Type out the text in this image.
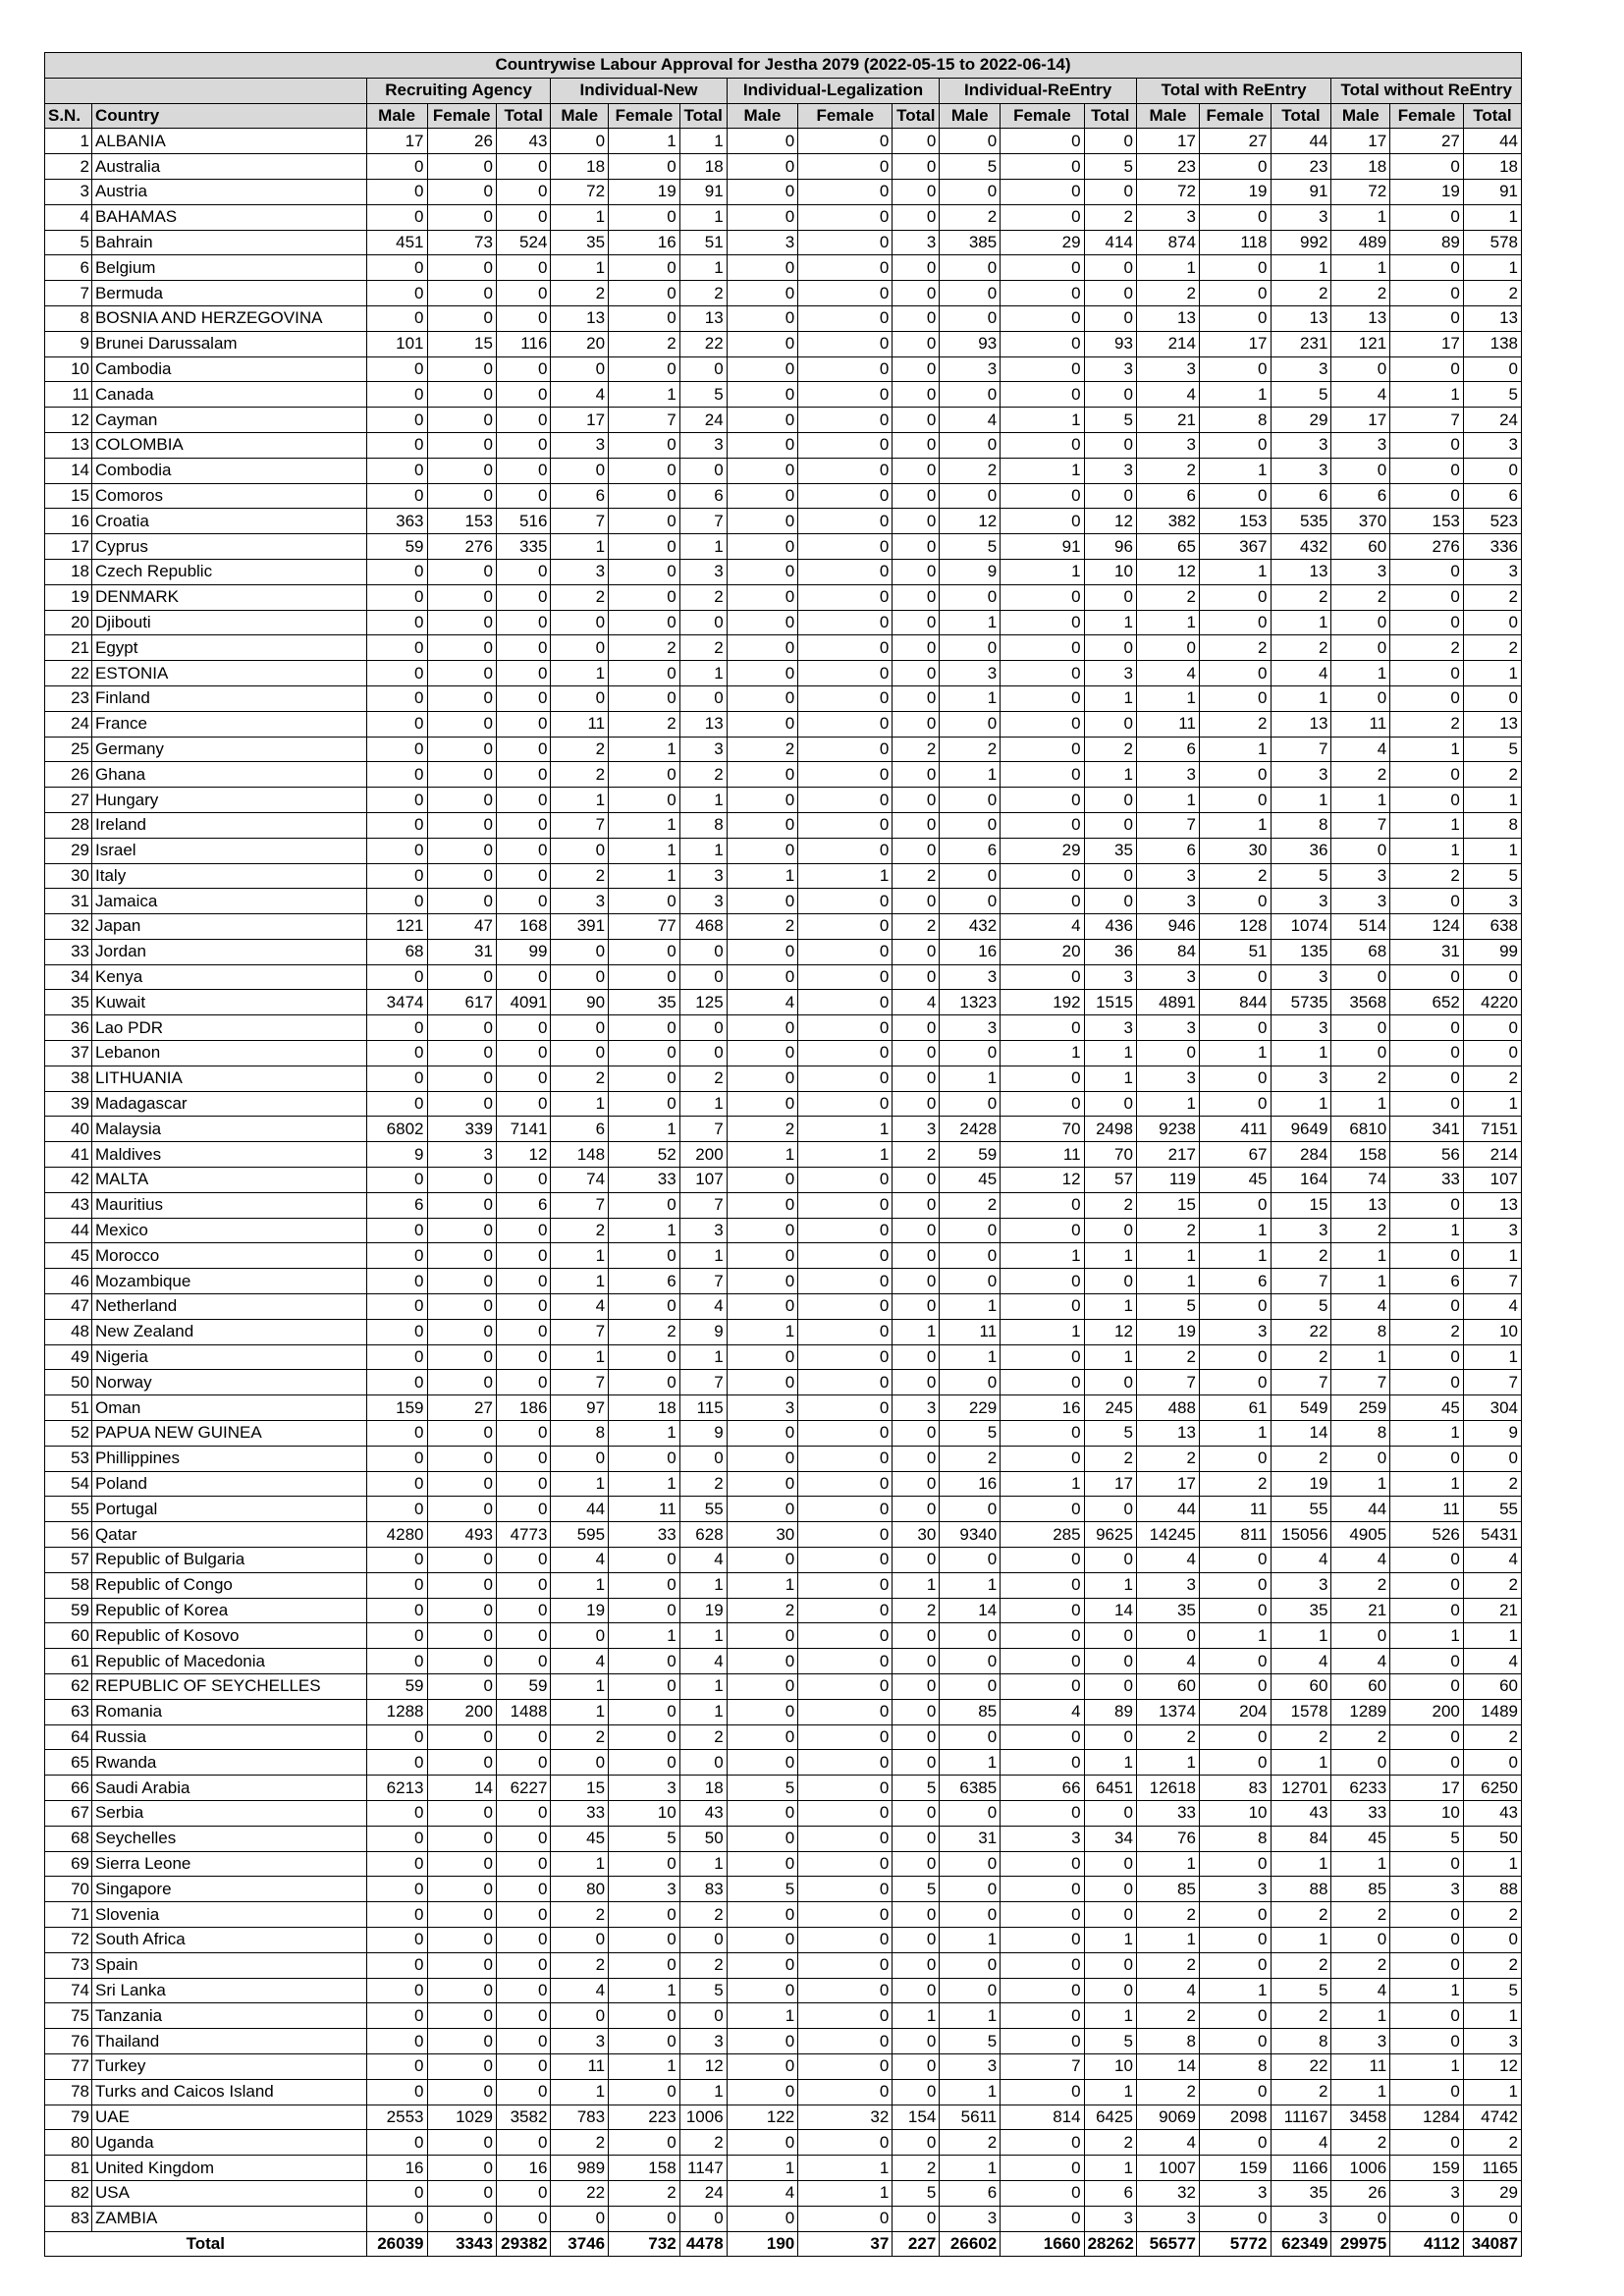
Countrywise Labour Approval for Jestha 2079 (2022-05-15 to 2022-06-14)																			
		Recruiting Agency			Individual-New			Individual-Legalization			Individual-ReEntry			Total with ReEntry			Total without ReEntry		
S.N.	Country	Male	Female	Total	Male	Female	Total	Male	Female	Total	Male	Female	Total	Male	Female	Total	Male	Female	Total
1	ALBANIA	17	26	43	0	1	1	0	0	0	0	0	0	17	27	44	17	27	44
2	Australia	0	0	0	18	0	18	0	0	0	5	0	5	23	0	23	18	0	18
3	Austria	0	0	0	72	19	91	0	0	0	0	0	0	72	19	91	72	19	91
4	BAHAMAS	0	0	0	1	0	1	0	0	0	2	0	2	3	0	3	1	0	1
5	Bahrain	451	73	524	35	16	51	3	0	3	385	29	414	874	118	992	489	89	578
6	Belgium	0	0	0	1	0	1	0	0	0	0	0	0	1	0	1	1	0	1
7	Bermuda	0	0	0	2	0	2	0	0	0	0	0	0	2	0	2	2	0	2
8	BOSNIA AND HERZEGOVINA	0	0	0	13	0	13	0	0	0	0	0	0	13	0	13	13	0	13
9	Brunei Darussalam	101	15	116	20	2	22	0	0	0	93	0	93	214	17	231	121	17	138
10	Cambodia	0	0	0	0	0	0	0	0	0	3	0	3	3	0	3	0	0	0
11	Canada	0	0	0	4	1	5	0	0	0	0	0	0	4	1	5	4	1	5
12	Cayman	0	0	0	17	7	24	0	0	0	4	1	5	21	8	29	17	7	24
13	COLOMBIA	0	0	0	3	0	3	0	0	0	0	0	0	3	0	3	3	0	3
14	Combodia	0	0	0	0	0	0	0	0	0	2	1	3	2	1	3	0	0	0
15	Comoros	0	0	0	6	0	6	0	0	0	0	0	0	6	0	6	6	0	6
16	Croatia	363	153	516	7	0	7	0	0	0	12	0	12	382	153	535	370	153	523
17	Cyprus	59	276	335	1	0	1	0	0	0	5	91	96	65	367	432	60	276	336
18	Czech Republic	0	0	0	3	0	3	0	0	0	9	1	10	12	1	13	3	0	3
19	DENMARK	0	0	0	2	0	2	0	0	0	0	0	0	2	0	2	2	0	2
20	Djibouti	0	0	0	0	0	0	0	0	0	1	0	1	1	0	1	0	0	0
21	Egypt	0	0	0	0	2	2	0	0	0	0	0	0	0	2	2	0	2	2
22	ESTONIA	0	0	0	1	0	1	0	0	0	3	0	3	4	0	4	1	0	1
23	Finland	0	0	0	0	0	0	0	0	0	1	0	1	1	0	1	0	0	0
24	France	0	0	0	11	2	13	0	0	0	0	0	0	11	2	13	11	2	13
25	Germany	0	0	0	2	1	3	2	0	2	2	0	2	6	1	7	4	1	5
26	Ghana	0	0	0	2	0	2	0	0	0	1	0	1	3	0	3	2	0	2
27	Hungary	0	0	0	1	0	1	0	0	0	0	0	0	1	0	1	1	0	1
28	Ireland	0	0	0	7	1	8	0	0	0	0	0	0	7	1	8	7	1	8
29	Israel	0	0	0	0	1	1	0	0	0	6	29	35	6	30	36	0	1	1
30	Italy	0	0	0	2	1	3	1	1	2	0	0	0	3	2	5	3	2	5
31	Jamaica	0	0	0	3	0	3	0	0	0	0	0	0	3	0	3	3	0	3
32	Japan	121	47	168	391	77	468	2	0	2	432	4	436	946	128	1074	514	124	638
33	Jordan	68	31	99	0	0	0	0	0	0	16	20	36	84	51	135	68	31	99
34	Kenya	0	0	0	0	0	0	0	0	0	3	0	3	3	0	3	0	0	0
35	Kuwait	3474	617	4091	90	35	125	4	0	4	1323	192	1515	4891	844	5735	3568	652	4220
36	Lao PDR	0	0	0	0	0	0	0	0	0	3	0	3	3	0	3	0	0	0
37	Lebanon	0	0	0	0	0	0	0	0	0	0	1	1	0	1	1	0	0	0
38	LITHUANIA	0	0	0	2	0	2	0	0	0	1	0	1	3	0	3	2	0	2
39	Madagascar	0	0	0	1	0	1	0	0	0	0	0	0	1	0	1	1	0	1
40	Malaysia	6802	339	7141	6	1	7	2	1	3	2428	70	2498	9238	411	9649	6810	341	7151
41	Maldives	9	3	12	148	52	200	1	1	2	59	11	70	217	67	284	158	56	214
42	MALTA	0	0	0	74	33	107	0	0	0	45	12	57	119	45	164	74	33	107
43	Mauritius	6	0	6	7	0	7	0	0	0	2	0	2	15	0	15	13	0	13
44	Mexico	0	0	0	2	1	3	0	0	0	0	0	0	2	1	3	2	1	3
45	Morocco	0	0	0	1	0	1	0	0	0	0	1	1	1	1	2	1	0	1
46	Mozambique	0	0	0	1	6	7	0	0	0	0	0	0	1	6	7	1	6	7
47	Netherland	0	0	0	4	0	4	0	0	0	1	0	1	5	0	5	4	0	4
48	New Zealand	0	0	0	7	2	9	1	0	1	11	1	12	19	3	22	8	2	10
49	Nigeria	0	0	0	1	0	1	0	0	0	1	0	1	2	0	2	1	0	1
50	Norway	0	0	0	7	0	7	0	0	0	0	0	0	7	0	7	7	0	7
51	Oman	159	27	186	97	18	115	3	0	3	229	16	245	488	61	549	259	45	304
52	PAPUA NEW GUINEA	0	0	0	8	1	9	0	0	0	5	0	5	13	1	14	8	1	9
53	Phillippines	0	0	0	0	0	0	0	0	0	2	0	2	2	0	2	0	0	0
54	Poland	0	0	0	1	1	2	0	0	0	16	1	17	17	2	19	1	1	2
55	Portugal	0	0	0	44	11	55	0	0	0	0	0	0	44	11	55	44	11	55
56	Qatar	4280	493	4773	595	33	628	30	0	30	9340	285	9625	14245	811	15056	4905	526	5431
57	Republic of Bulgaria	0	0	0	4	0	4	0	0	0	0	0	0	4	0	4	4	0	4
58	Republic of Congo	0	0	0	1	0	1	1	0	1	1	0	1	3	0	3	2	0	2
59	Republic of Korea	0	0	0	19	0	19	2	0	2	14	0	14	35	0	35	21	0	21
60	Republic of Kosovo	0	0	0	0	1	1	0	0	0	0	0	0	0	1	1	0	1	1
61	Republic of Macedonia	0	0	0	4	0	4	0	0	0	0	0	0	4	0	4	4	0	4
62	REPUBLIC OF SEYCHELLES	59	0	59	1	0	1	0	0	0	0	0	0	60	0	60	60	0	60
63	Romania	1288	200	1488	1	0	1	0	0	0	85	4	89	1374	204	1578	1289	200	1489
64	Russia	0	0	0	2	0	2	0	0	0	0	0	0	2	0	2	2	0	2
65	Rwanda	0	0	0	0	0	0	0	0	0	1	0	1	1	0	1	0	0	0
66	Saudi Arabia	6213	14	6227	15	3	18	5	0	5	6385	66	6451	12618	83	12701	6233	17	6250
67	Serbia	0	0	0	33	10	43	0	0	0	0	0	0	33	10	43	33	10	43
68	Seychelles	0	0	0	45	5	50	0	0	0	31	3	34	76	8	84	45	5	50
69	Sierra Leone	0	0	0	1	0	1	0	0	0	0	0	0	1	0	1	1	0	1
70	Singapore	0	0	0	80	3	83	5	0	5	0	0	0	85	3	88	85	3	88
71	Slovenia	0	0	0	2	0	2	0	0	0	0	0	0	2	0	2	2	0	2
72	South Africa	0	0	0	0	0	0	0	0	0	1	0	1	1	0	1	0	0	0
73	Spain	0	0	0	2	0	2	0	0	0	0	0	0	2	0	2	2	0	2
74	Sri Lanka	0	0	0	4	1	5	0	0	0	0	0	0	4	1	5	4	1	5
75	Tanzania	0	0	0	0	0	0	1	0	1	1	0	1	2	0	2	1	0	1
76	Thailand	0	0	0	3	0	3	0	0	0	5	0	5	8	0	8	3	0	3
77	Turkey	0	0	0	11	1	12	0	0	0	3	7	10	14	8	22	11	1	12
78	Turks and Caicos Island	0	0	0	1	0	1	0	0	0	1	0	1	2	0	2	1	0	1
79	UAE	2553	1029	3582	783	223	1006	122	32	154	5611	814	6425	9069	2098	11167	3458	1284	4742
80	Uganda	0	0	0	2	0	2	0	0	0	2	0	2	4	0	4	2	0	2
81	United Kingdom	16	0	16	989	158	1147	1	1	2	1	0	1	1007	159	1166	1006	159	1165
82	USA	0	0	0	22	2	24	4	1	5	6	0	6	32	3	35	26	3	29
83	ZAMBIA	0	0	0	0	0	0	0	0	0	3	0	3	3	0	3	0	0	0
Total		26039	3343	29382	3746	732	4478	190	37	227	26602	1660	28262	56577	5772	62349	29975	4112	34087
